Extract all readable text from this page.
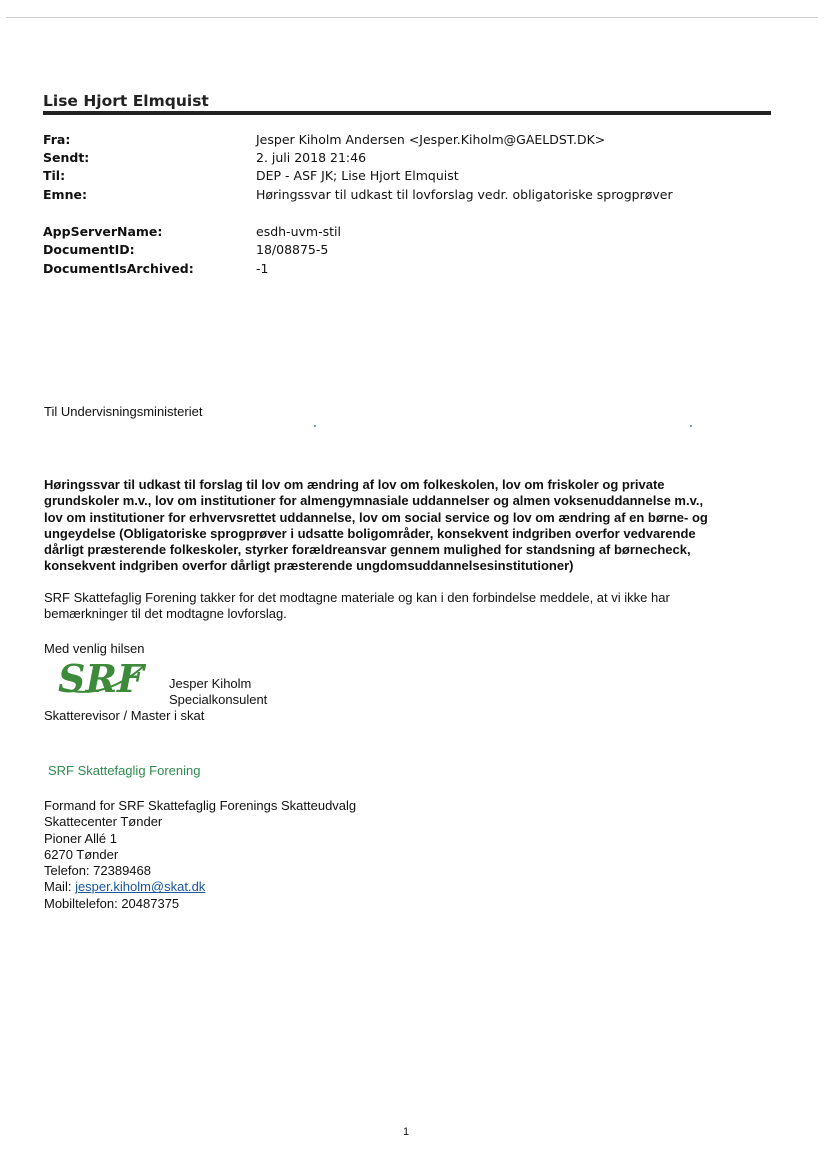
Lise Hjort Elmquist
Fra:	Jesper Kiholm Andersen <Jesper.Kiholm@GAELDST.DK>
Sendt:	2. juli 2018 21:46
Til:	DEP - ASF JK; Lise Hjort Elmquist
Emne:	Høringssvar til udkast til lovforslag vedr. obligatoriske sprogprøver
AppServerName:	esdh-uvm-stil
DocumentID:	18/08875-5
DocumentIsArchived:	-1
Til Undervisningsministeriet
Høringssvar til udkast til forslag til lov om ændring af lov om folkeskolen, lov om friskoler og private
grundskoler m.v., lov om institutioner for almengymnasiale uddannelser og almen voksenuddannelse m.v.,
lov om institutioner for erhvervsrettet uddannelse, lov om social service og lov om ændring af en børne- og
ungeydelse (Obligatoriske sprogprøver i udsatte boligområder, konsekvent indgriben overfor vedvarende
dårligt præsterende folkeskoler, styrker forældreansvar gennem mulighed for standsning af børnecheck,
konsekvent indgriben overfor dårligt præsterende ungdomsuddannelsesinstitutioner)
SRF Skattefaglig Forening takker for det modtagne materiale og kan i den forbindelse meddele, at vi ikke har
bemærkninger til det modtagne lovforslag.
Med venlig hilsen
SRF Jesper Kiholm
Specialkonsulent
Skatterevisor / Master i skat
SRF Skattefaglig Forening
Formand for SRF Skattefaglig Forenings Skatteudvalg
Skattecenter Tønder
Pioner Allé 1
6270 Tønder
Telefon: 72389468
Mail: jesper.kiholm@skat.dk
Mobiltelefon: 20487375
1
